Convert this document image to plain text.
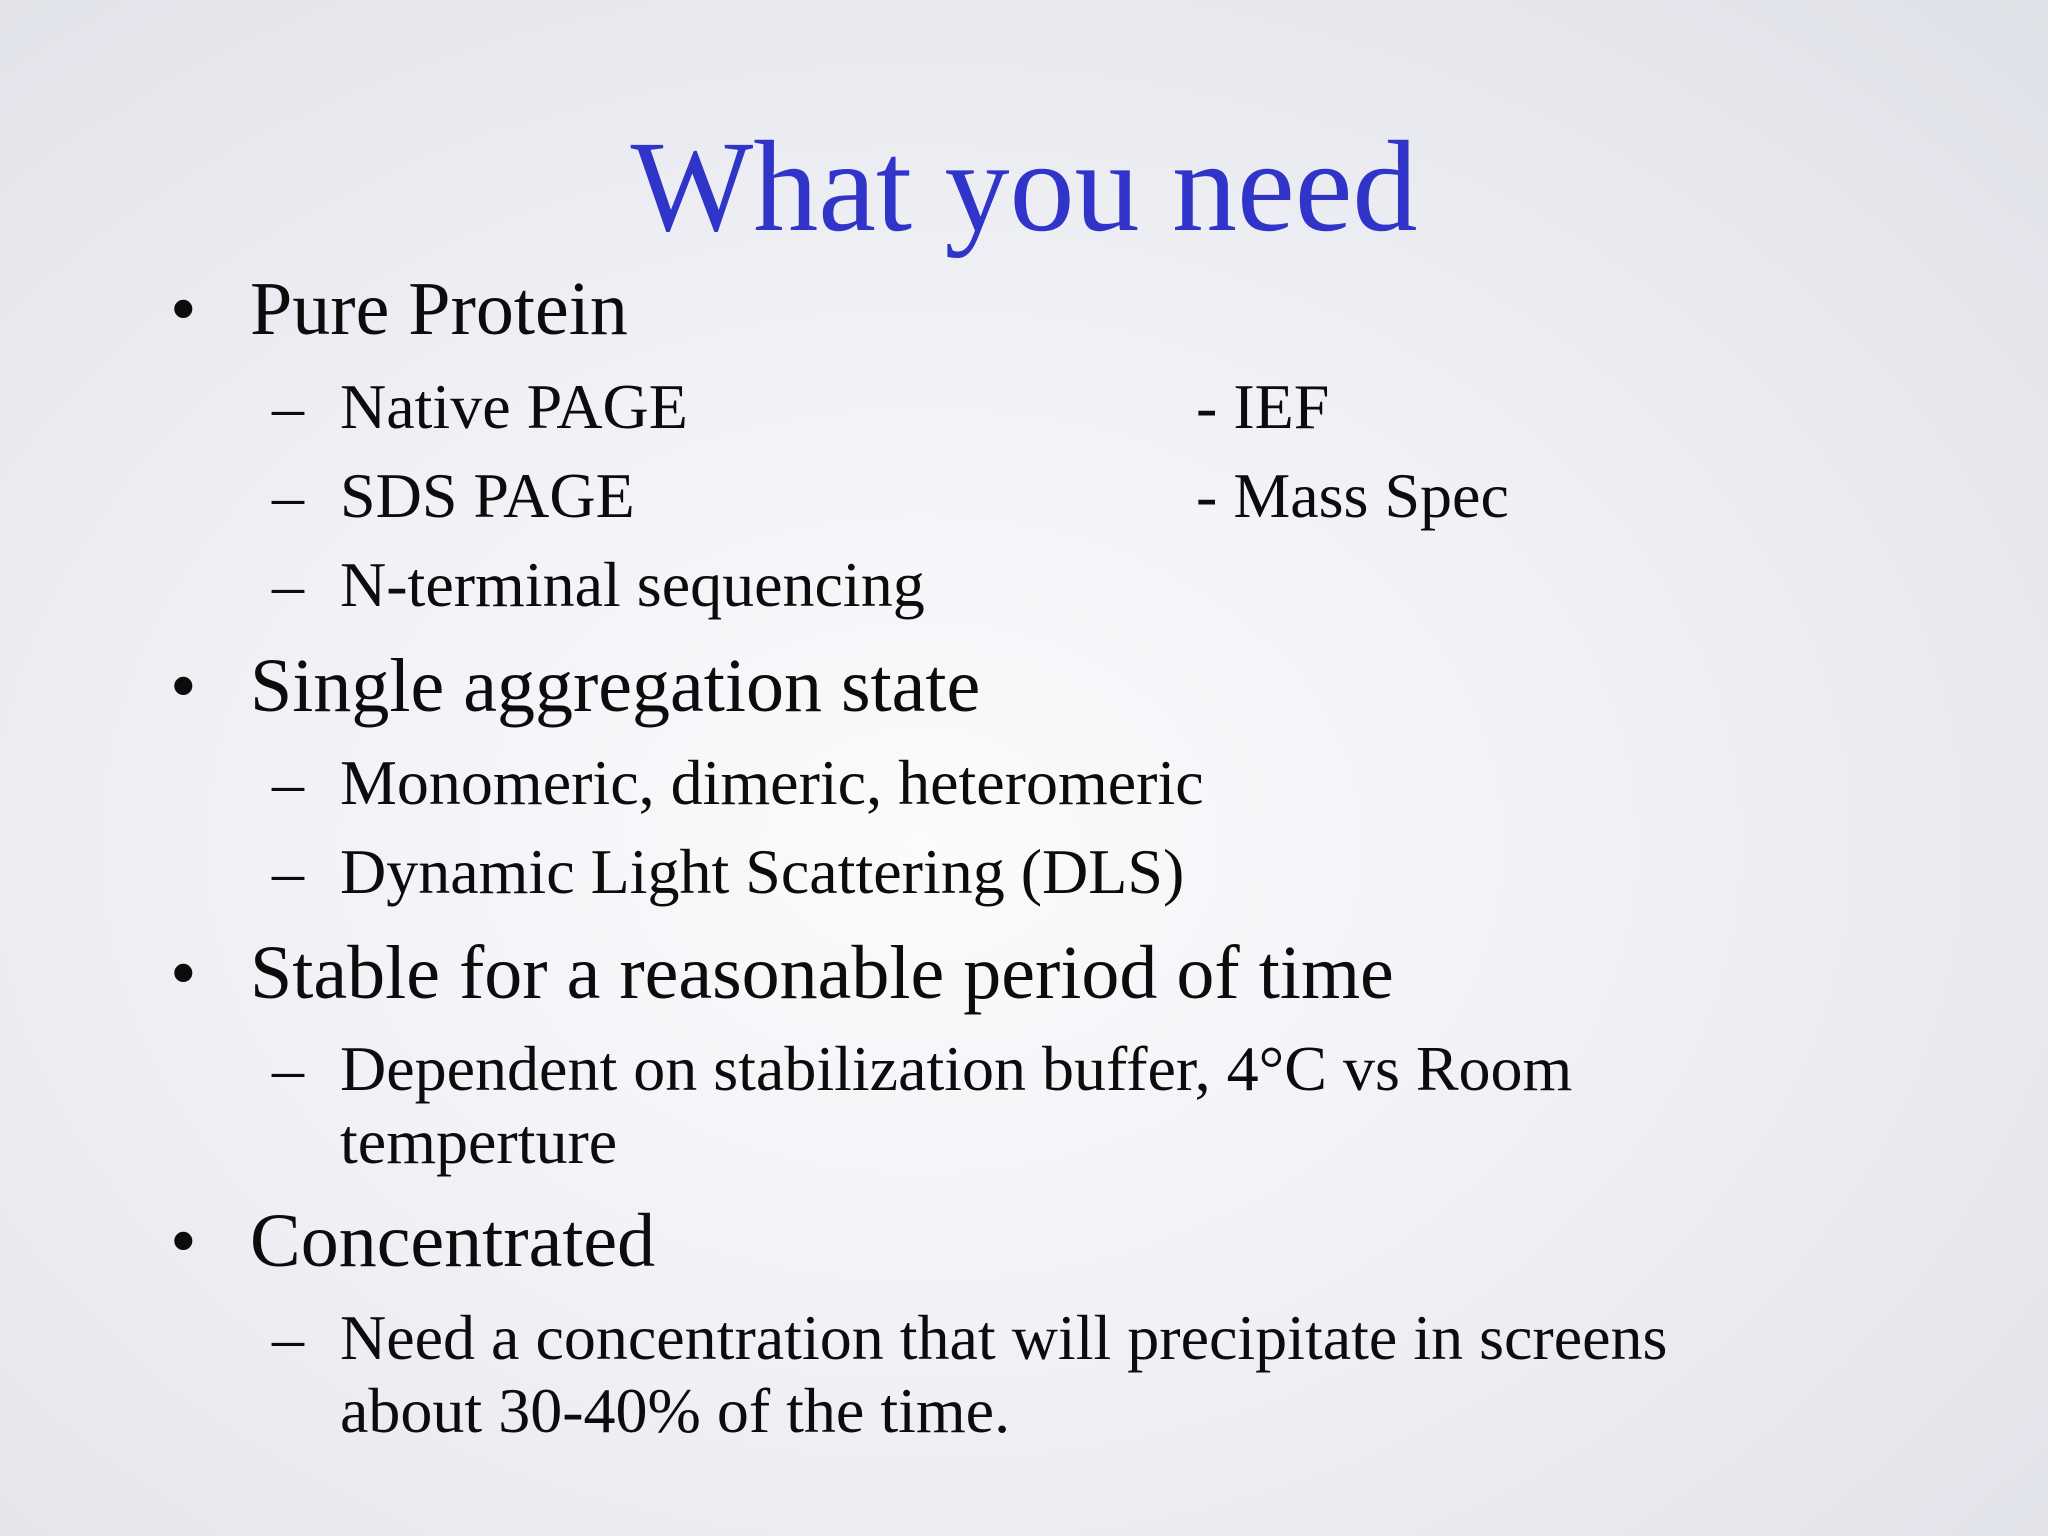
What you need
• Pure Protein
– Native PAGE	- IEF
– SDS PAGE	- Mass Spec
– N-terminal sequencing
• Single aggregation state
– Monomeric, dimeric, heteromeric
– Dynamic Light Scattering (DLS)
• Stable for a reasonable period of time
– Dependent on stabilization buffer, 4°C vs Room
temperture
• Concentrated
– Need a concentration that will precipitate in screens
about 30-40% of the time.
